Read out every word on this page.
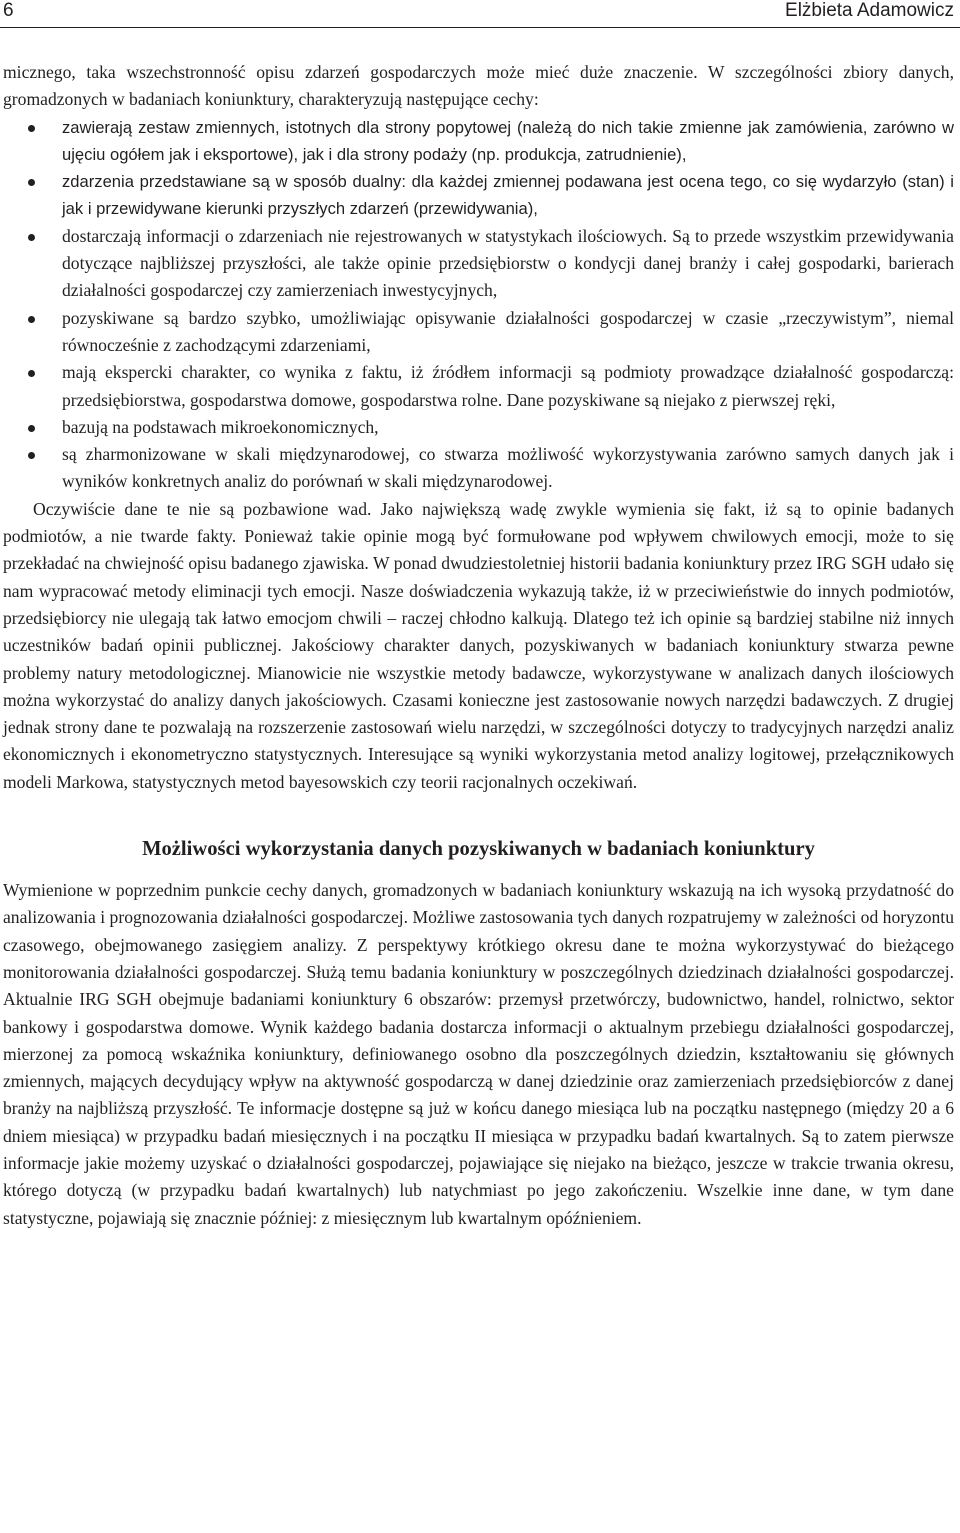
6	Elżbieta Adamowicz

micznego, taka wszechstronność opisu zdarzeń gospodarczych może mieć duże znaczenie. W szczególności zbiory danych, gromadzonych w badaniach koniunktury, charakteryzują następujące cechy:

zawierają zestaw zmiennych, istotnych dla strony popytowej (należą do nich takie zmienne jak zamówienia, zarówno w ujęciu ogółem jak i eksportowe), jak i dla strony podaży (np. produkcja, zatrudnienie),
zdarzenia przedstawiane są w sposób dualny: dla każdej zmiennej podawana jest ocena tego, co się wydarzyło (stan) i jak i przewidywane kierunki przyszłych zdarzeń (przewidywania),
dostarczają informacji o zdarzeniach nie rejestrowanych w statystykach ilościowych. Są to przede wszystkim przewidywania dotyczące najbliższej przyszłości, ale także opinie przedsiębiorstw o kondycji danej branży i całej gospodarki, barierach działalności gospodarczej czy zamierzeniach inwestycyjnych,
pozyskiwane są bardzo szybko, umożliwiając opisywanie działalności gospodarczej w czasie „rzeczywistym”, niemal równocześnie z zachodzącymi zdarzeniami,
mają ekspercki charakter, co wynika z faktu, iż źródłem informacji są podmioty prowadzące działalność gospodarczą: przedsiębiorstwa, gospodarstwa domowe, gospodarstwa rolne. Dane pozyskiwane są niejako z pierwszej ręki,
bazują na podstawach mikroekonomicznych,
są zharmonizowane w skali międzynarodowej, co stwarza możliwość wykorzystywania zarówno samych danych jak i wyników konkretnych analiz do porównań w skali międzynarodowej.

Oczywiście dane te nie są pozbawione wad. Jako największą wadę zwykle wymienia się fakt, iż są to opinie badanych podmiotów, a nie twarde fakty. Ponieważ takie opinie mogą być formułowane pod wpływem chwilowych emocji, może to się przekładać na chwiejność opisu badanego zjawiska. W ponad dwudziestoletniej historii badania koniunktury przez IRG SGH udało się nam wypracować metody eliminacji tych emocji. Nasze doświadczenia wykazują także, iż w przeciwieństwie do innych podmiotów, przedsiębiorcy nie ulegają tak łatwo emocjom chwili – raczej chłodno kalkują. Dlatego też ich opinie są bardziej stabilne niż innych uczestników badań opinii publicznej. Jakościowy charakter danych, pozyskiwanych w badaniach koniunktury stwarza pewne problemy natury metodologicznej. Mianowicie nie wszystkie metody badawcze, wykorzystywane w analizach danych ilościowych można wykorzystać do analizy danych jakościowych. Czasami konieczne jest zastosowanie nowych narzędzi badawczych. Z drugiej jednak strony dane te pozwalają na rozszerzenie zastosowań wielu narzędzi, w szczególności dotyczy to tradycyjnych narzędzi analiz ekonomicznych i ekonometryczno statystycznych. Interesujące są wyniki wykorzystania metod analizy logitowej, przełącznikowych modeli Markowa, statystycznych metod bayesowskich czy teorii racjonalnych oczekiwań.

Możliwości wykorzystania danych pozyskiwanych w badaniach koniunktury

Wymienione w poprzednim punkcie cechy danych, gromadzonych w badaniach koniunktury wskazują na ich wysoką przydatność do analizowania i prognozowania działalności gospodarczej. Możliwe zastosowania tych danych rozpatrujemy w zależności od horyzontu czasowego, obejmowanego zasięgiem analizy. Z perspektywy krótkiego okresu dane te można wykorzystywać do bieżącego monitorowania działalności gospodarczej. Służą temu badania koniunktury w poszczególnych dziedzinach działalności gospodarczej. Aktualnie IRG SGH obejmuje badaniami koniunktury 6 obszarów: przemysł przetwórczy, budownictwo, handel, rolnictwo, sektor bankowy i gospodarstwa domowe. Wynik każdego badania dostarcza informacji o aktualnym przebiegu działalności gospodarczej, mierzonej za pomocą wskaźnika koniunktury, definiowanego osobno dla poszczególnych dziedzin, kształtowaniu się głównych zmiennych, mających decydujący wpływ na aktywność gospodarczą w danej dziedzinie oraz zamierzeniach przedsiębiorców z danej branży na najbliższą przyszłość. Te informacje dostępne są już w końcu danego miesiąca lub na początku następnego (między 20 a 6 dniem miesiąca) w przypadku badań miesięcznych i na początku II miesiąca w przypadku badań kwartalnych. Są to zatem pierwsze informacje jakie możemy uzyskać o działalności gospodarczej, pojawiające się niejako na bieżąco, jeszcze w trakcie trwania okresu, którego dotyczą (w przypadku badań kwartalnych) lub natychmiast po jego zakończeniu. Wszelkie inne dane, w tym dane statystyczne, pojawiają się znacznie później: z miesięcznym lub kwartalnym opóźnieniem.
